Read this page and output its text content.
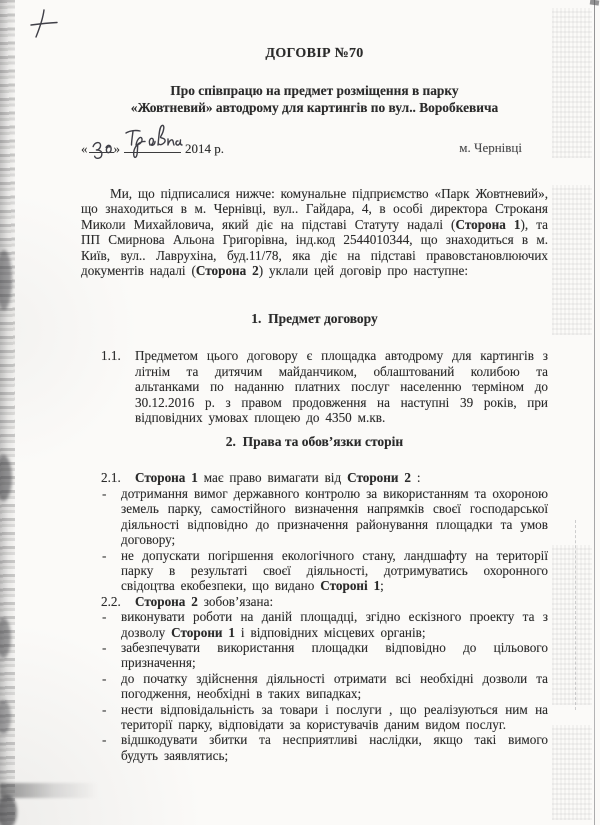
ДОГОВІР №70
Про співпрацю на предмет розміщення в парку
«Жовтневий» автодрому для картингів по вул.. Воробкевича
« »	2014 р.	м. Чернівці

Ми, що підписалися нижче: комунальне підприємство «Парк Жовтневий», що знаходиться в м. Чернівці, вул.. Гайдара, 4, в особі директора Строканя Миколи Михайловича, який діє на підставі Статуту надалі (Сторона 1), та ПП Смирнова Альона Григорівна, інд.код 2544010344, що знаходиться в м. Київ, вул.. Лаврухіна, буд.11/78, яка діє на підставі правовстановлюючих документів надалі (Сторона 2) уклали цей договір про наступне:

1.  Предмет договору
1.1.	Предметом цього договору є площадка автодрому для картингів з літнім та дитячим майданчиком, облаштований колибою та альтанками по наданню платних послуг населенню терміном до 30.12.2016 р. з правом продовження на наступні 39 років, при відповідних умовах площею до 4350 м.кв.
2.  Права та обов’язки сторін
2.1.	Сторона 1 має право вимагати від Сторони 2 :
-	дотримання вимог державного контролю за використанням та охороною земель парку, самостійного визначення напрямків своєї господарської діяльності відповідно до призначення районування площадки та умов договору;
-	не допускати погіршення екологічного стану, ландшафту на території парку в результаті своєї діяльності, дотримуватись охоронного свідоцтва екобезпеки, що видано Стороні 1;
2.2.	Сторона 2 зобов’язана:
-	виконувати роботи на даній площадці, згідно ескізного проекту та з дозволу Сторони 1 і відповідних місцевих органів;
-	забезпечувати використання площадки відповідно до цільового призначення;
-	до початку здійснення діяльності отримати всі необхідні дозволи та погодження, необхідні в таких випадках;
-	нести відповідальність за товари і послуги , що реалізуються ним на території парку, відповідати за користувачів даним видом послуг.
-	відшкодувати збитки та несприятливі наслідки, якщо такі вимого будуть заявлятись;
